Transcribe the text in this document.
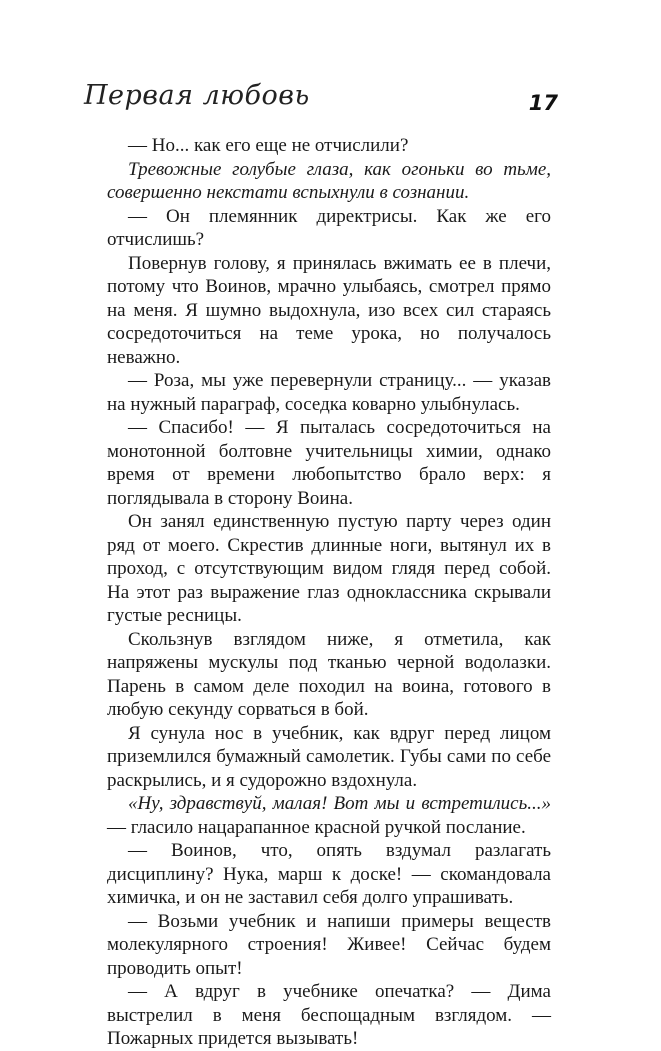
Первая любовь	17

— Но... как его еще не отчислили?

Тревожные голубые глаза, как огоньки во тьме, совершенно некстати вспыхнули в сознании.

— Он племянник директрисы. Как же его отчислишь?

Повернув голову, я принялась вжимать ее в плечи, потому что Воинов, мрачно улыбаясь, смотрел прямо на меня. Я шумно выдохнула, изо всех сил стараясь сосредоточиться на теме урока, но получалось неважно.

— Роза, мы уже перевернули страницу... — указав на нужный параграф, соседка коварно улыбнулась.

— Спасибо! — Я пыталась сосредоточиться на монотонной болтовне учительницы химии, однако время от времени любопытство брало верх: я поглядывала в сторону Воина.

Он занял единственную пустую парту через один ряд от моего. Скрестив длинные ноги, вытянул их в проход, с отсутствующим видом глядя перед собой. На этот раз выражение глаз одноклассника скрывали густые ресницы.

Скользнув взглядом ниже, я отметила, как напряжены мускулы под тканью черной водолазки. Парень в самом деле походил на воина, готового в любую секунду сорваться в бой.

Я сунула нос в учебник, как вдруг перед лицом приземлился бумажный самолетик. Губы сами по себе раскрылись, и я судорожно вздохнула.

«Ну, здравствуй, малая! Вот мы и встретились...» — гласило нацарапанное красной ручкой послание.

— Воинов, что, опять вздумал разлагать дисциплину? Нука, марш к доске! — скомандовала химичка, и он не заставил себя долго упрашивать.

— Возьми учебник и напиши примеры веществ молекулярного строения! Живее! Сейчас будем проводить опыт!

— А вдруг в учебнике опечатка? — Дима выстрелил в меня беспощадным взглядом. — Пожарных придется вызывать!
